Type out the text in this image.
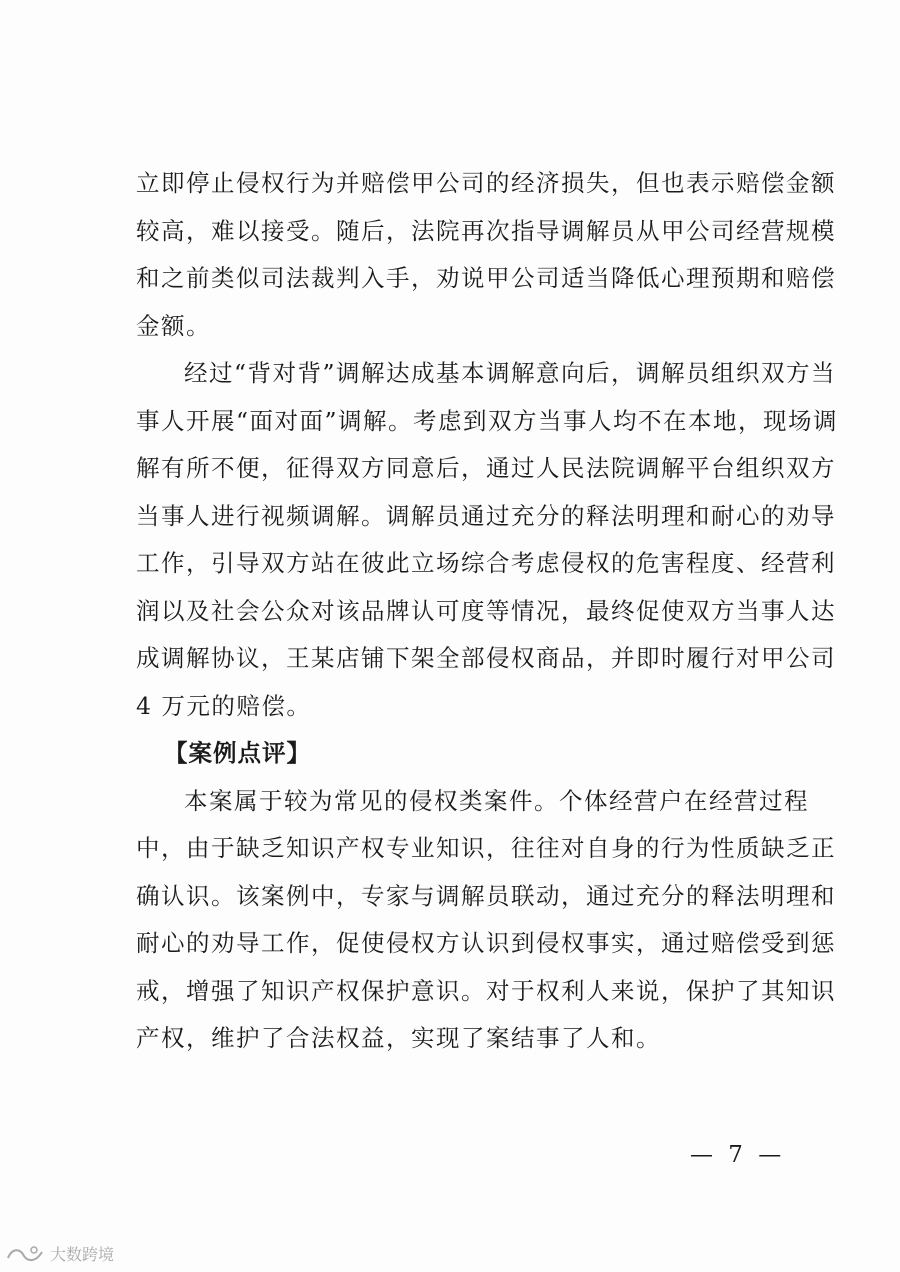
立即停止侵权行为并赔偿甲公司的经济损失，但也表示赔偿金额
较高，难以接受。随后，法院再次指导调解员从甲公司经营规模
和之前类似司法裁判入手，劝说甲公司适当降低心理预期和赔偿
金额。

经过“背对背”调解达成基本调解意向后，调解员组织双方当
事人开展“面对面”调解。考虑到双方当事人均不在本地，现场调
解有所不便，征得双方同意后，通过人民法院调解平台组织双方
当事人进行视频调解。调解员通过充分的释法明理和耐心的劝导
工作，引导双方站在彼此立场综合考虑侵权的危害程度、经营利
润以及社会公众对该品牌认可度等情况，最终促使双方当事人达
成调解协议，王某店铺下架全部侵权商品，并即时履行对甲公司
4 万元的赔偿。

【案例点评】

本案属于较为常见的侵权类案件。个体经营户在经营过程
中，由于缺乏知识产权专业知识，往往对自身的行为性质缺乏正
确认识。该案例中，专家与调解员联动，通过充分的释法明理和
耐心的劝导工作，促使侵权方认识到侵权事实，通过赔偿受到惩
戒，增强了知识产权保护意识。对于权利人来说，保护了其知识
产权，维护了合法权益，实现了案结事了人和。

— 7 —
大数跨境
